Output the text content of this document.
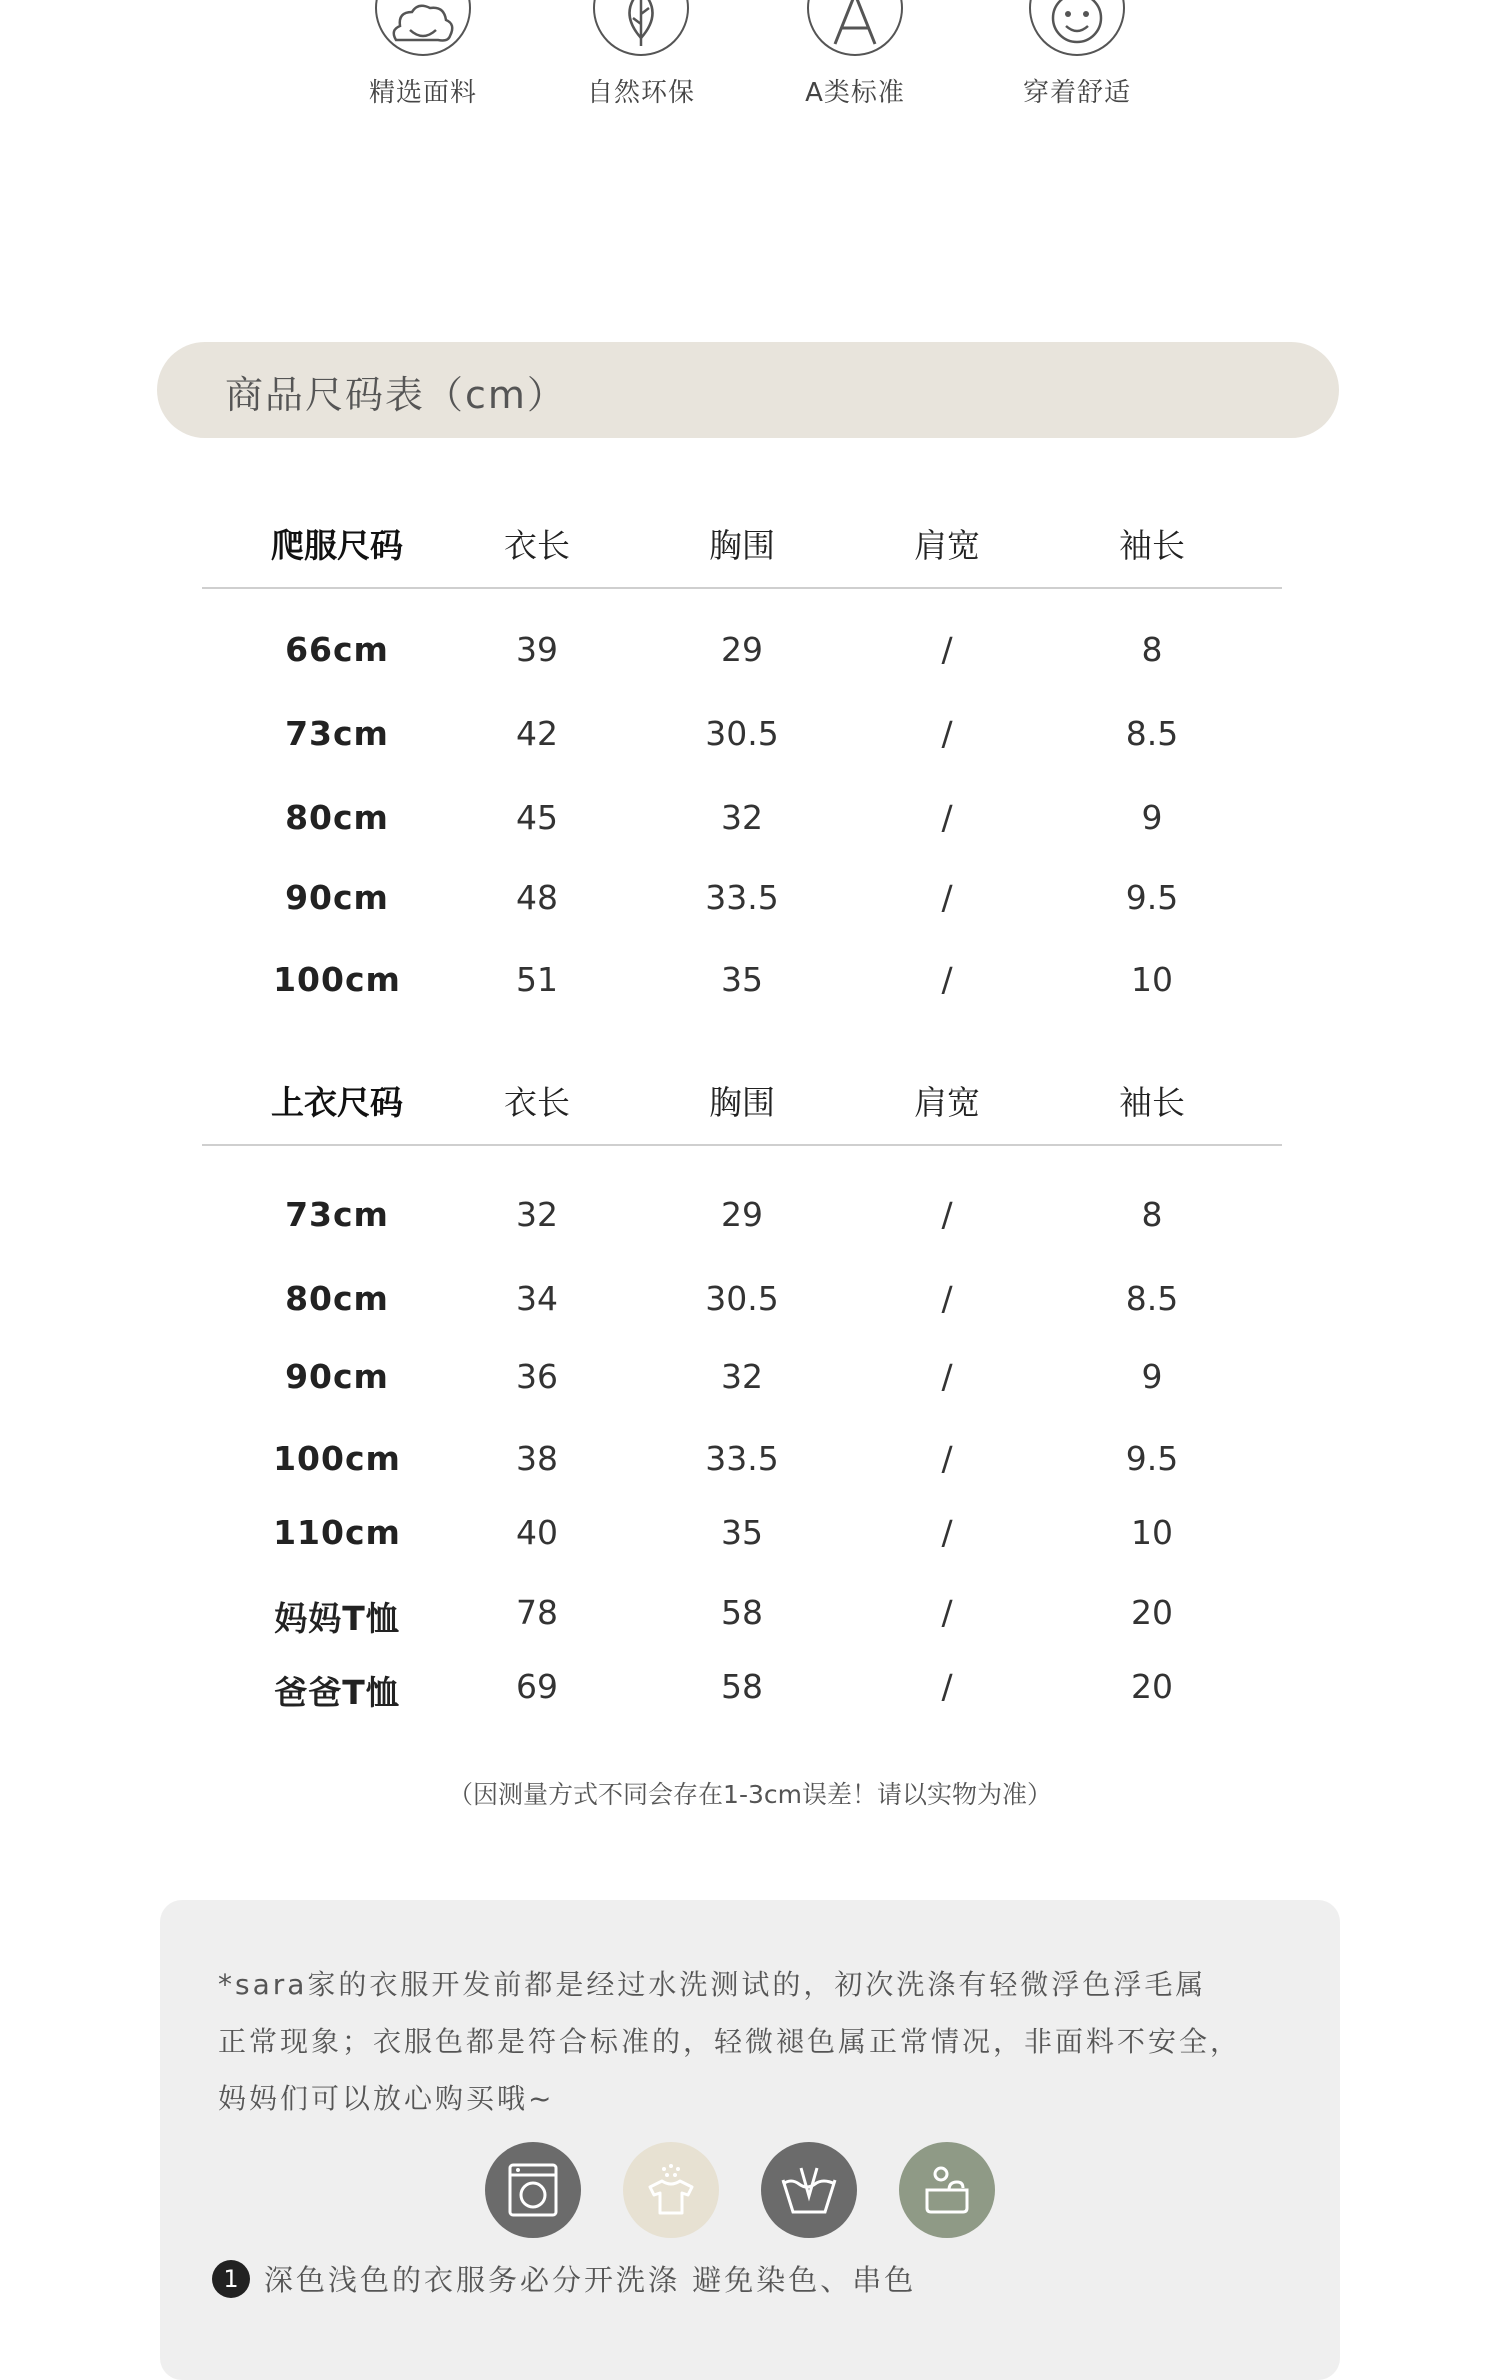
精选面料	自然环保	A类标准	穿着舒适
商品尺码表（cm）
爬服尺码	衣长	胸围	肩宽	袖长
66cm	39	29	/	8
73cm	42	30.5	/	8.5
80cm	45	32	/	9
90cm	48	33.5	/	9.5
100cm	51	35	/	10
上衣尺码	衣长	胸围	肩宽	袖长
73cm	32	29	/	8
80cm	34	30.5	/	8.5
90cm	36	32	/	9
100cm	38	33.5	/	9.5
110cm	40	35	/	10
妈妈T恤	78	58	/	20
爸爸T恤	69	58	/	20
（因测量方式不同会存在1-3cm误差！请以实物为准）
*sara家的衣服开发前都是经过水洗测试的，初次洗涤有轻微浮色浮毛属
正常现象；衣服色都是符合标准的，轻微褪色属正常情况，非面料不安全，
妈妈们可以放心购买哦~
1 深色浅色的衣服务必分开洗涤 避免染色、串色
